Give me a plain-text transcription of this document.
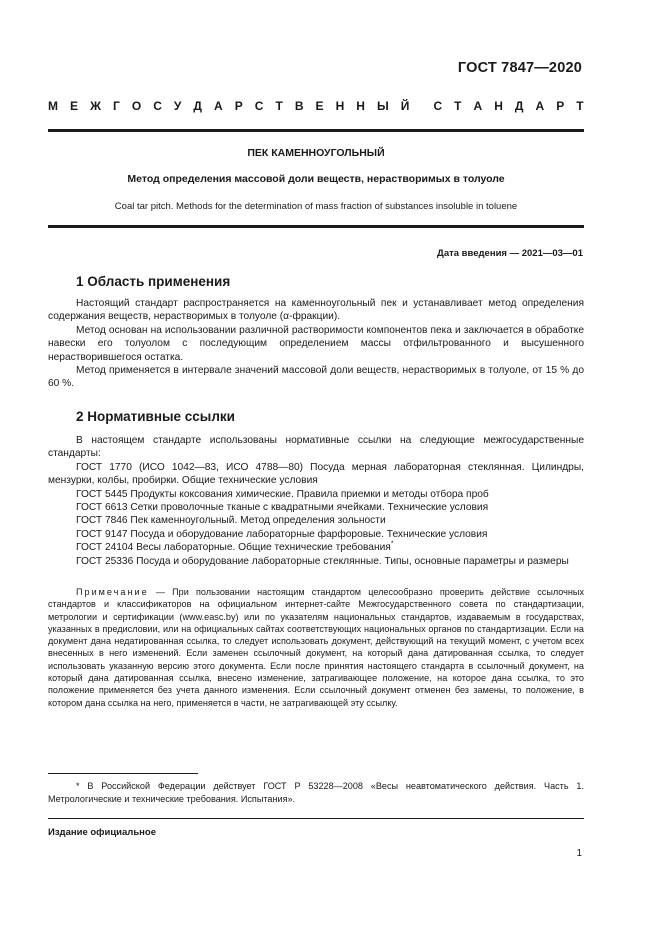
ГОСТ 7847—2020
М Е Ж Г О С У Д А Р С Т В Е Н Н Ы Й С Т А Н Д А Р Т
ПЕК КАМЕННОУГОЛЬНЫЙ
Метод определения массовой доли веществ, нерастворимых в толуоле
Coal tar pitch. Methods for the determination of mass fraction of substances insoluble in toluene
Дата введения — 2021—03—01
1 Область применения

Настоящий стандарт распространяется на каменноугольный пек и устанавливает метод определения содержания веществ, нерастворимых в толуоле (α-фракции).

Метод основан на использовании различной растворимости компонентов пека и заключается в обработке навески его толуолом с последующим определением массы отфильтрованного и высушенного нерастворившегося остатка.

Метод применяется в интервале значений массовой доли веществ, нерастворимых в толуоле, от 15 % до 60 %.

2 Нормативные ссылки

В настоящем стандарте использованы нормативные ссылки на следующие межгосударственные стандарты:

ГОСТ 1770 (ИСО 1042—83, ИСО 4788—80) Посуда мерная лабораторная стеклянная. Цилиндры, мензурки, колбы, пробирки. Общие технические условия

ГОСТ 5445 Продукты коксования химические. Правила приемки и методы отбора проб

ГОСТ 6613 Сетки проволочные тканые с квадратными ячейками. Технические условия

ГОСТ 7846 Пек каменноугольный. Метод определения зольности

ГОСТ 9147 Посуда и оборудование лабораторные фарфоровые. Технические условия

ГОСТ 24104 Весы лабораторные. Общие технические требования*

ГОСТ 25336 Посуда и оборудование лабораторные стеклянные. Типы, основные параметры и размеры

Примечание — При пользовании настоящим стандартом целесообразно проверить действие ссылочных стандартов и классификаторов на официальном интернет-сайте Межгосударственного совета по стандартизации, метрологии и сертификации (www.easc.by) или по указателям национальных стандартов, издаваемым в государствах, указанных в предисловии, или на официальных сайтах соответствующих национальных органов по стандартизации. Если на документ дана недатированная ссылка, то следует использовать документ, действующий на текущий момент, с учетом всех внесенных в него изменений. Если заменен ссылочный документ, на который дана датированная ссылка, то следует использовать указанную версию этого документа. Если после принятия настоящего стандарта в ссылочный документ, на который дана датированная ссылка, внесено изменение, затрагивающее положение, на которое дана ссылка, то это положение применяется без учета данного изменения. Если ссылочный документ отменен без замены, то положение, в котором дана ссылка на него, применяется в части, не затрагивающей эту ссылку.

* В Российской Федерации действует ГОСТ Р 53228—2008 «Весы неавтоматического действия. Часть 1. Метрологические и технические требования. Испытания».

Издание официальное
1
